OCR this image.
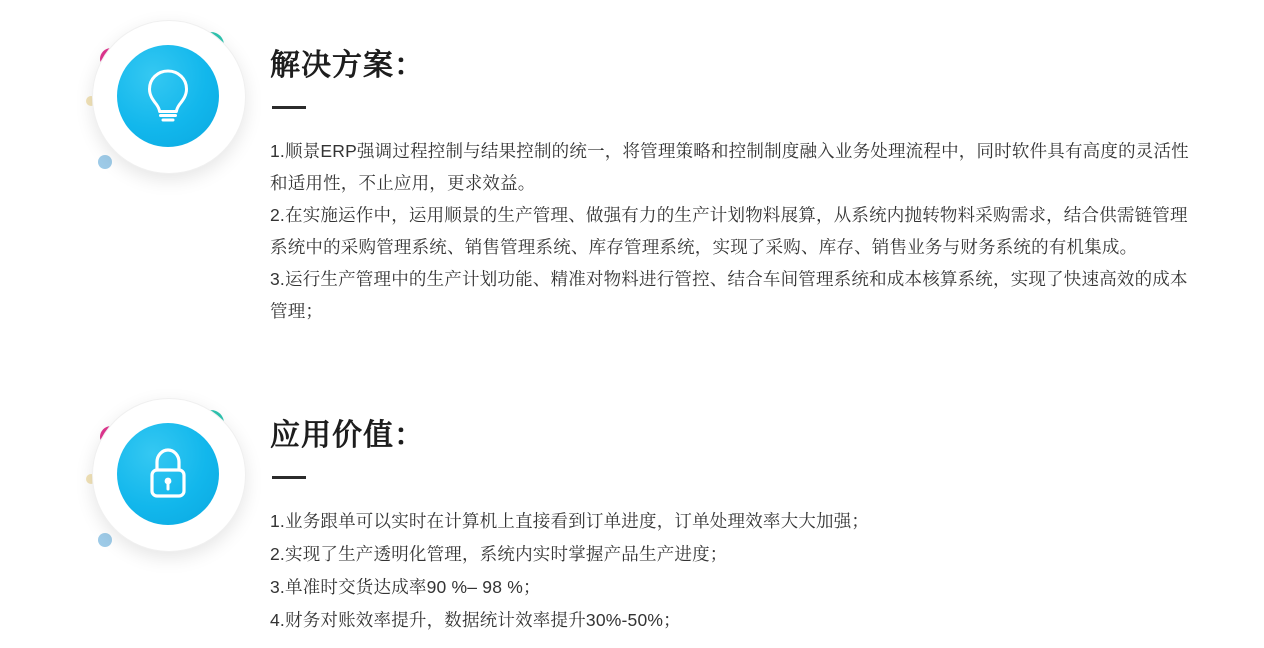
解决方案：

1.顺景ERP强调过程控制与结果控制的统一，将管理策略和控制制度融入业务处理流程中，同时软件具有高度的灵活性和适用性，不止应用，更求效益。
2.在实施运作中，运用顺景的生产管理、做强有力的生产计划物料展算，从系统内抛转物料采购需求，结合供需链管理系统中的采购管理系统、销售管理系统、库存管理系统，实现了采购、库存、销售业务与财务系统的有机集成。
3.运行生产管理中的生产计划功能、精准对物料进行管控、结合车间管理系统和成本核算系统，实现了快速高效的成本管理；

应用价值：

1.业务跟单可以实时在计算机上直接看到订单进度，订单处理效率大大加强；
2.实现了生产透明化管理，系统内实时掌握产品生产进度；
3.单准时交货达成率90 %– 98 %；
4.财务对账效率提升，数据统计效率提升30%-50%；
